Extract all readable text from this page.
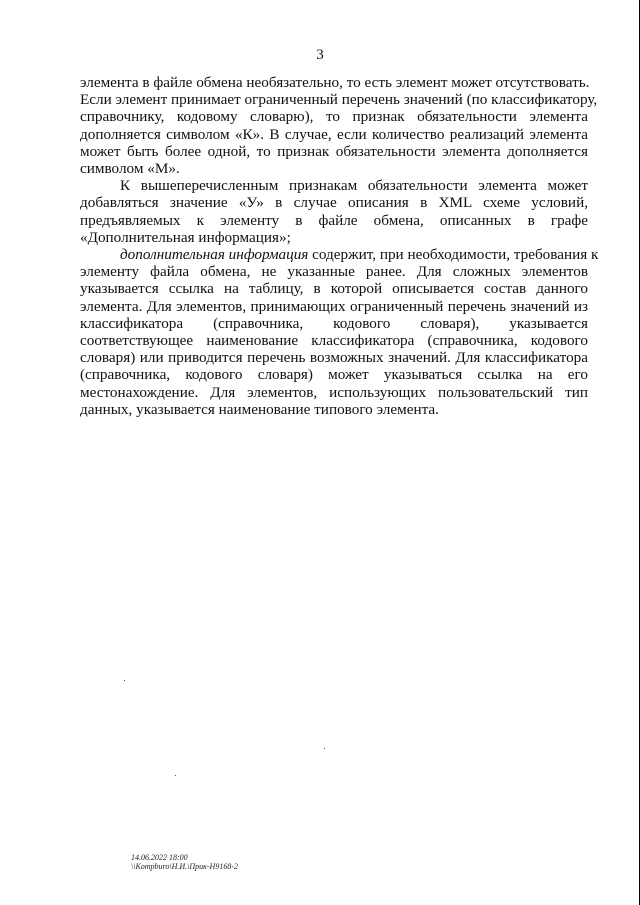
3
элемента в файле обмена необязательно, то есть элемент может отсутствовать.
Если элемент принимает ограниченный перечень значений (по классификатору,
справочнику, кодовому словарю), то признак обязательности элемента
дополняется символом «К». В случае, если количество реализаций элемента
может быть более одной, то признак обязательности элемента дополняется
символом «М».
К вышеперечисленным признакам обязательности элемента может
добавляться значение «У» в случае описания в XML схеме условий,
предъявляемых к элементу в файле обмена, описанных в графе
«Дополнительная информация»;
дополнительная информация содержит, при необходимости, требования к
элементу файла обмена, не указанные ранее. Для сложных элементов
указывается ссылка на таблицу, в которой описывается состав данного
элемента. Для элементов, принимающих ограниченный перечень значений из
классификатора (справочника, кодового словаря), указывается
соответствующее наименование классификатора (справочника, кодового
словаря) или приводится перечень возможных значений. Для классификатора
(справочника, кодового словаря) может указываться ссылка на его
местонахождение. Для элементов, использующих пользовательский тип
данных, указывается наименование типового элемента.
14.06.2022 18:00
\\Kompburo\Н.И.\Прик-Н9168-2
